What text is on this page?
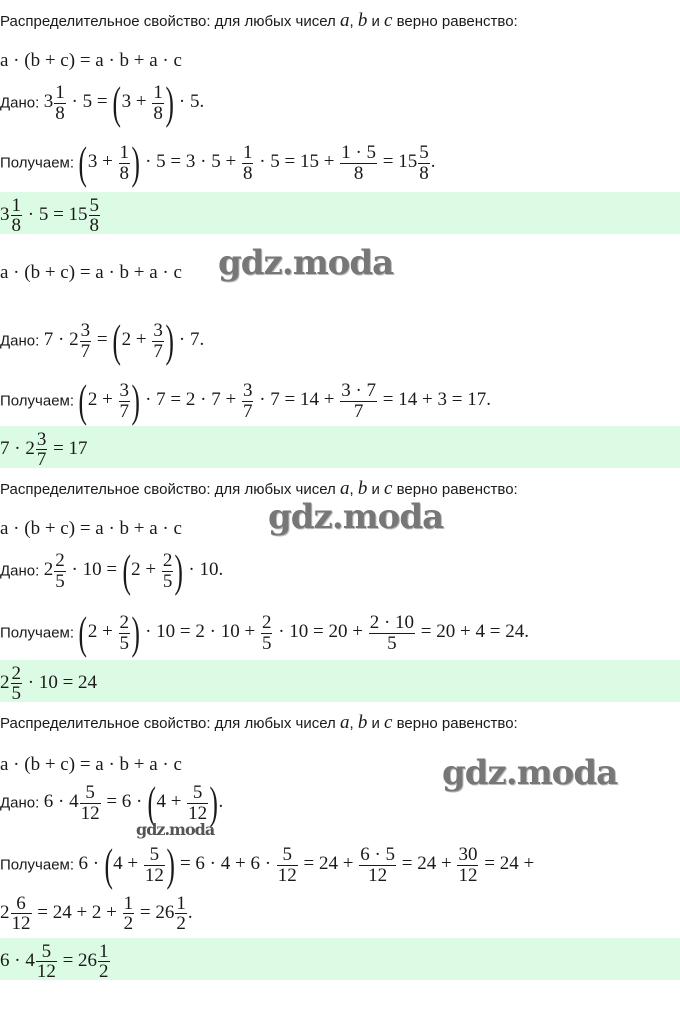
Распределительное свойство: для любых чисел a, b и c верно равенство:
a · (b + c) = a · b + a · c
Дано: $3 \frac{1}{8} \cdot 5 = (3 + \frac{1}{8}$ ) · 5.
Получаем: ($3 + \frac{1}{8}$ ) · $5 = 3 \cdot 5 + \frac{1}{8} \cdot 5 = 15 + \frac{1 \cdot 5}{8} = 15 \frac{5}{8}$ .
$3 \frac{1}{8} \cdot 5 = 15 \frac{5}{8}$
a · (b + c) = a · b + a · c gdz.moda
Дано: $7 \cdot 2 \frac{3}{7} = (2 + \frac{3}{7}$ ) · 7.
Получаем: ($2 + \frac{3}{7}$ ) · $7 = 2 \cdot 7 + \frac{3}{7} \cdot 7 = 14 + \frac{3 \cdot 7}{7} = 14 + 3 = 17$.
$7 \cdot 2 \frac{3}{7} = 17$
Распределительное свойство: для любых чисел a, b и c верно равенство:
a · (b + c) = a · b + a · c	gdz.moda
Дано: $2 \frac{2}{5} \cdot 10 = (2 + \frac{2}{5}$ ) · 10.
Получаем: ($2 + \frac{2}{5}$ ) · $10 = 2 \cdot 10 + \frac{2}{5} \cdot 10 = 20 + \frac{2 \cdot 10}{5} = 20 + 4 = 24$.
$2 \frac{2}{5} \cdot 10 = 24$
Распределительное свойство: для любых чисел a, b и c верно равенство:
a · (b + c) = a · b + a · c	gdz.moda
Дано: $6 \cdot 4 \frac{5}{12} = 6 \cdot (4 + \frac{5}{12}$ ).
gdz.moda
Получаем: $6 \cdot (4 + \frac{5}{12}$ ) = $6 \cdot 4 + 6 \cdot \frac{5}{12} = 24 + \frac{6 \cdot 5}{12} = 24 + \frac{30}{12} = 24$ +
$2 \frac{6}{12} = 24 + 2 + \frac{1}{2} = 26 \frac{1}{2}$ .
$6 \cdot 4 \frac{5}{12} = 26 \frac{1}{2}$
